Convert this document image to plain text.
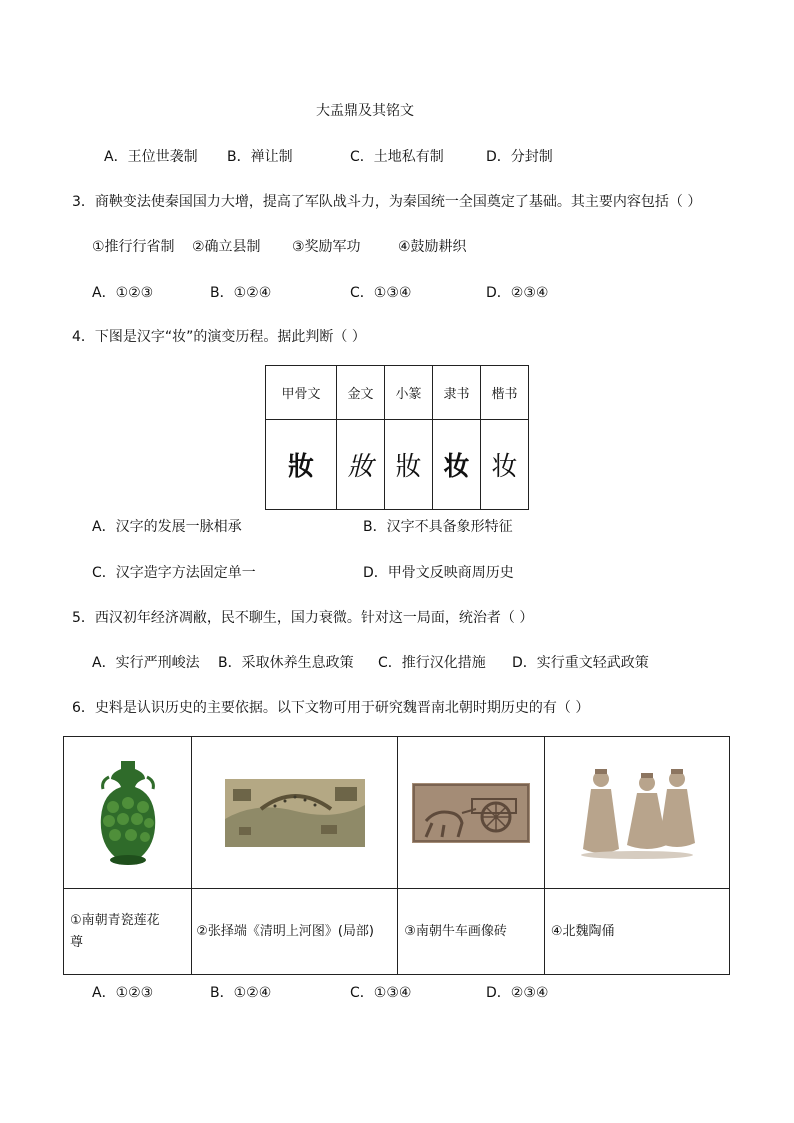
大盂鼎及其铭文
A．王位世袭制 B．禅让制	C．土地私有制	D．分封制
3．商鞅变法使秦国国力大增，提高了军队战斗力，为秦国统一全国奠定了基础。其主要内容包括（ ）
①推行行省制 ②确立县制 ③奖励军功	④鼓励耕织
A．①②③	B．①②④	C．①③④	D．②③④
4．下图是汉字“妆”的演变历程。据此判断（ ）
甲骨文	金文	小篆	隶书	楷书
妝	妝	妝	妆	妆
A．汉字的发展一脉相承	B．汉字不具备象形特征
C．汉字造字方法固定单一	D．甲骨文反映商周历史
5．西汉初年经济凋敝，民不聊生，国力衰微。针对这一局面，统治者（ ）
A．实行严刑峻法 B．采取休养生息政策 C．推行汉化措施 D．实行重文轻武政策
6．史料是认识历史的主要依据。以下文物可用于研究魏晋南北朝时期历史的有（ ）

①南朝青瓷莲花
尊	②张择端《清明上河图》(局部)	③南朝牛车画像砖	④北魏陶俑
A．①②③	B．①②④	C．①③④	D．②③④
